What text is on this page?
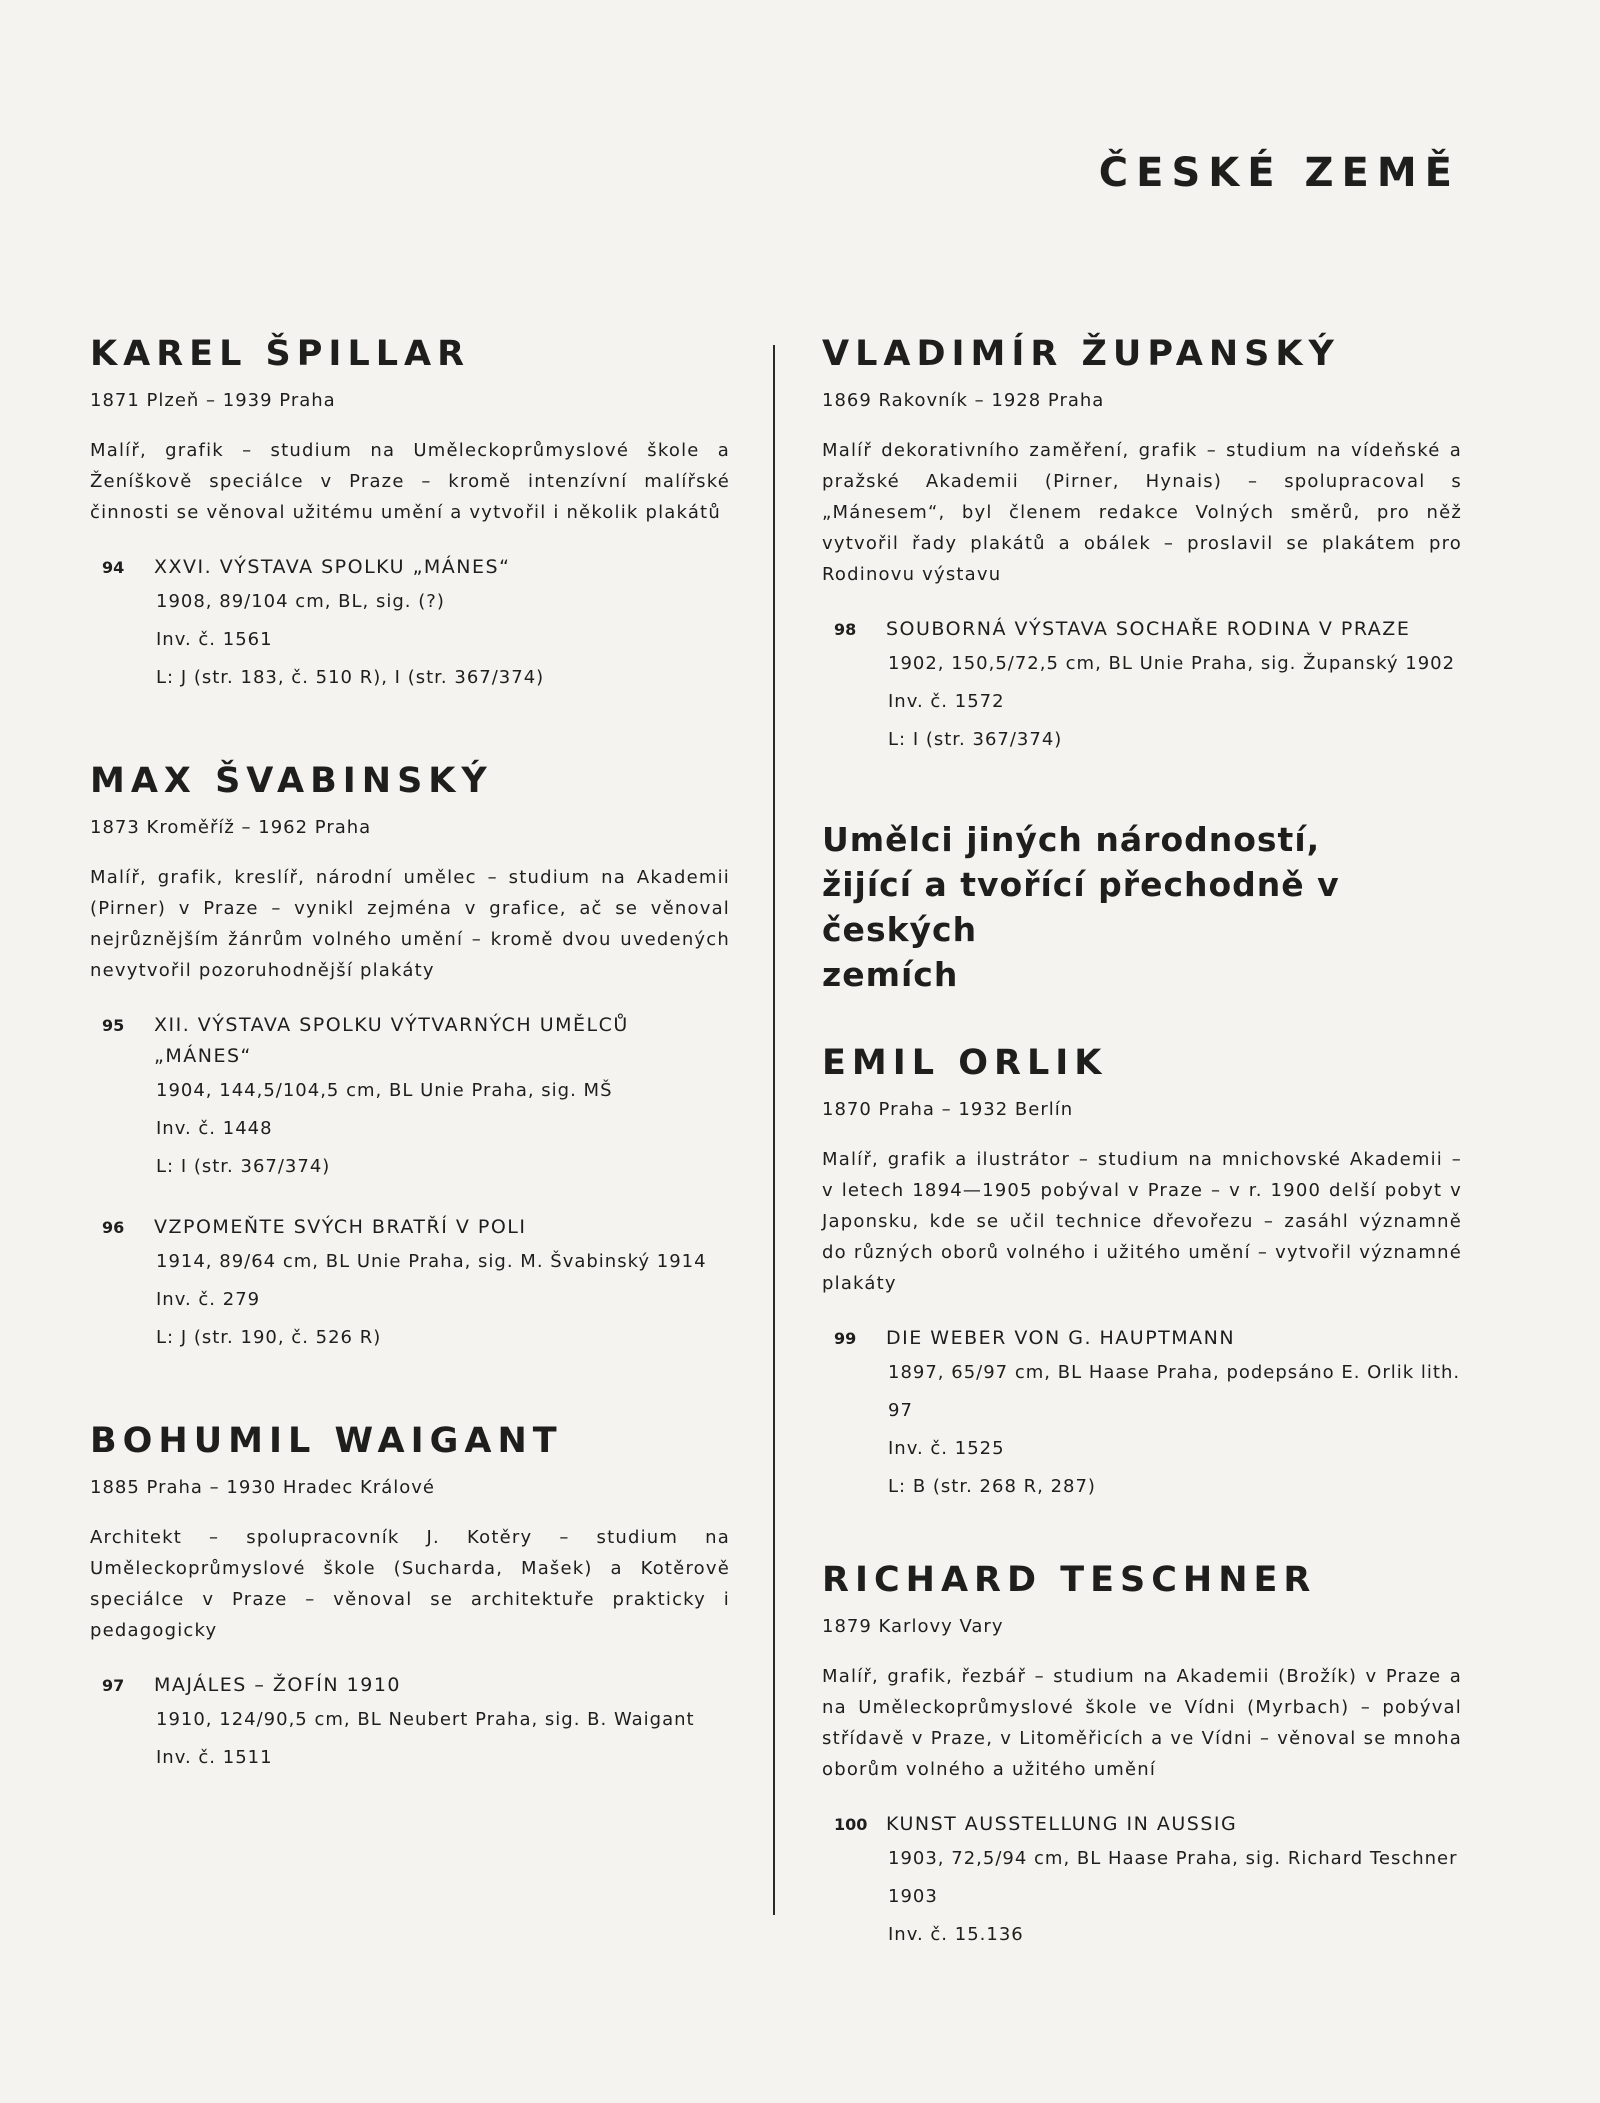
ČESKÉ ZEMĚ
KAREL ŠPILLAR
1871 Plzeň – 1939 Praha
Malíř, grafik – studium na Uměleckoprůmyslové škole a Ženíškově speciálce v Praze – kromě intenzívní malířské činnosti se věnoval užitému umění a vytvořil i několik plakátů
94 XXVI. VÝSTAVA SPOLKU „MÁNES“
1908, 89/104 cm, BL, sig. (?)
Inv. č. 1561
L: J (str. 183, č. 510 R), I (str. 367/374)
MAX ŠVABINSKÝ
1873 Kroměříž – 1962 Praha
Malíř, grafik, kreslíř, národní umělec – studium na Akademii (Pirner) v Praze – vynikl zejména v grafice, ač se věnoval nejrůznějším žánrům volného umění – kromě dvou uvedených nevytvořil pozoruhodnější plakáty
95 XII. VÝSTAVA SPOLKU VÝTVARNÝCH UMĚLCŮ „MÁNES“
1904, 144,5/104,5 cm, BL Unie Praha, sig. MŠ
Inv. č. 1448
L: I (str. 367/374)
96 VZPOMEŇTE SVÝCH BRATŘÍ V POLI
1914, 89/64 cm, BL Unie Praha, sig. M. Švabinský 1914
Inv. č. 279
L: J (str. 190, č. 526 R)
BOHUMIL WAIGANT
1885 Praha – 1930 Hradec Králové
Architekt – spolupracovník J. Kotěry – studium na Uměleckoprůmyslové škole (Sucharda, Mašek) a Kotěrově speciálce v Praze – věnoval se architektuře prakticky i pedagogicky
97 MAJÁLES – ŽOFÍN 1910
1910, 124/90,5 cm, BL Neubert Praha, sig. B. Waigant
Inv. č. 1511
VLADIMÍR ŽUPANSKÝ
1869 Rakovník – 1928 Praha
Malíř dekorativního zaměření, grafik – studium na vídeňské a pražské Akademii (Pirner, Hynais) – spolupracoval s „Mánesem“, byl členem redakce Volných směrů, pro něž vytvořil řady plakátů a obálek – proslavil se plakátem pro Rodinovu výstavu
98 SOUBORNÁ VÝSTAVA SOCHAŘE RODINA V PRAZE
1902, 150,5/72,5 cm, BL Unie Praha, sig. Županský 1902
Inv. č. 1572
L: I (str. 367/374)
Umělci jiných národností,
žijící a tvořící přechodně v českých
zemích
EMIL ORLIK
1870 Praha – 1932 Berlín
Malíř, grafik a ilustrátor – studium na mnichovské Akademii – v letech 1894—1905 pobýval v Praze – v r. 1900 delší pobyt v Japonsku, kde se učil technice dřevořezu – zasáhl významně do různých oborů volného i užitého umění – vytvořil významné plakáty
99 DIE WEBER VON G. HAUPTMANN
1897, 65/97 cm, BL Haase Praha, podepsáno E. Orlik lith. 97
Inv. č. 1525
L: B (str. 268 R, 287)
RICHARD TESCHNER
1879 Karlovy Vary
Malíř, grafik, řezbář – studium na Akademii (Brožík) v Praze a na Uměleckoprůmyslové škole ve Vídni (Myrbach) – pobýval střídavě v Praze, v Litoměřicích a ve Vídni – věnoval se mnoha oborům volného a užitého umění
100 KUNST AUSSTELLUNG IN AUSSIG
1903, 72,5/94 cm, BL Haase Praha, sig. Richard Teschner 1903
Inv. č. 15.136
